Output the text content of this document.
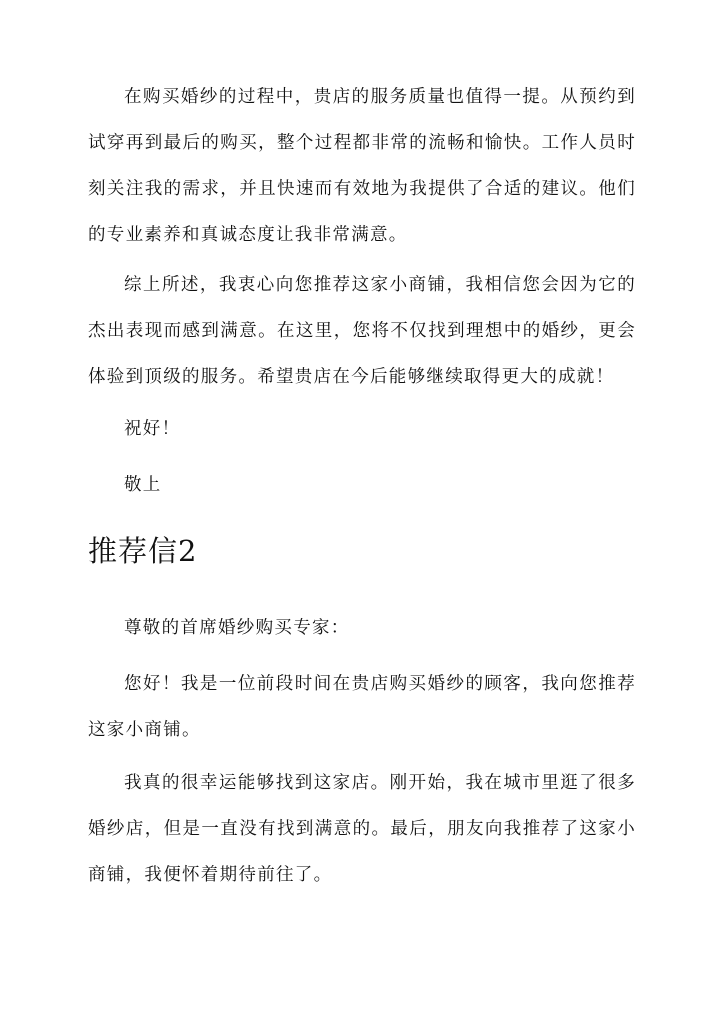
在购买婚纱的过程中，贵店的服务质量也值得一提。从预约到试穿再到最后的购买，整个过程都非常的流畅和愉快。工作人员时刻关注我的需求，并且快速而有效地为我提供了合适的建议。他们的专业素养和真诚态度让我非常满意。

综上所述，我衷心向您推荐这家小商铺，我相信您会因为它的杰出表现而感到满意。在这里，您将不仅找到理想中的婚纱，更会体验到顶级的服务。希望贵店在今后能够继续取得更大的成就！

祝好！

敬上

推荐信2

尊敬的首席婚纱购买专家：

您好！我是一位前段时间在贵店购买婚纱的顾客，我向您推荐这家小商铺。

我真的很幸运能够找到这家店。刚开始，我在城市里逛了很多婚纱店，但是一直没有找到满意的。最后，朋友向我推荐了这家小商铺，我便怀着期待前往了。
